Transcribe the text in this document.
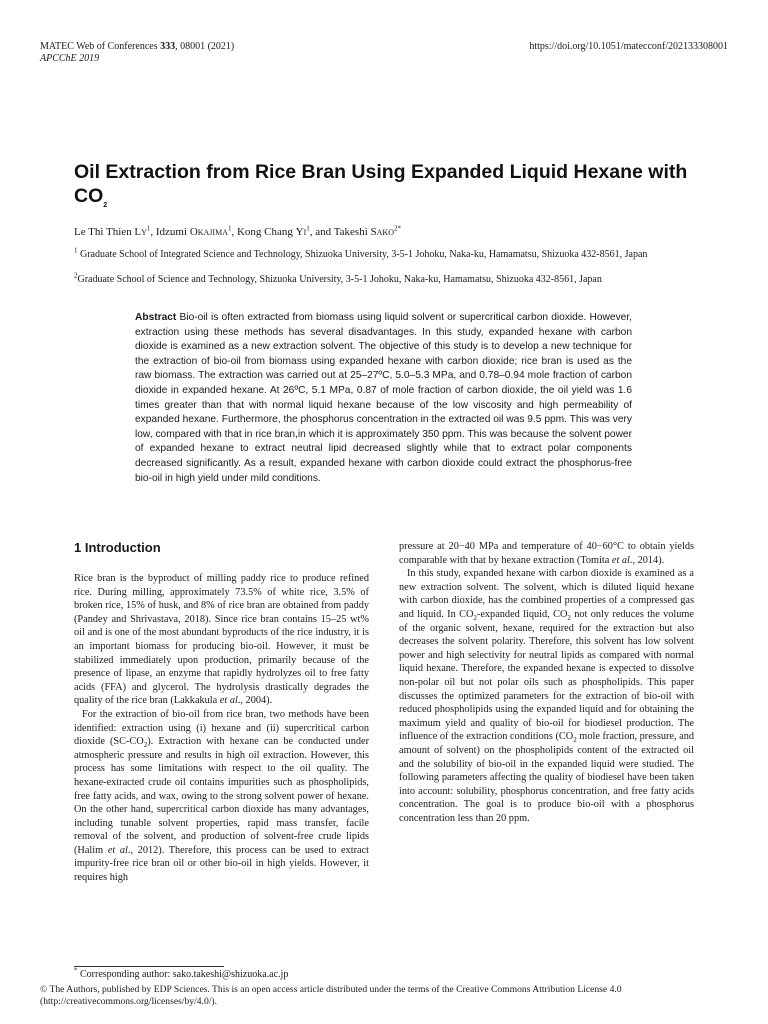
MATEC Web of Conferences 333, 08001 (2021)
APCChE 2019
https://doi.org/10.1051/matecconf/202133308001
Oil Extraction from Rice Bran Using Expanded Liquid Hexane with $CO_2$
Le Thi Thien Ly$^1$, Idzumi Okajima$^1$, Kong Chang Yi$^1$, and Takeshi Sako$^{2*}$
$^1$ Graduate School of Integrated Science and Technology, Shizuoka University, 3-5-1 Johoku, Naka-ku, Hamamatsu, Shizuoka 432-8561, Japan
$^2$Graduate School of Science and Technology, Shizuoka University, 3-5-1 Johoku, Naka-ku, Hamamatsu, Shizuoka 432-8561, Japan

Abstract Bio-oil is often extracted from biomass using liquid solvent or supercritical carbon dioxide. However, extraction using these methods has several disadvantages. In this study, expanded hexane with carbon dioxide is examined as a new extraction solvent. The objective of this study is to develop a new technique for the extraction of bio-oil from biomass using expanded hexane with carbon dioxide; rice bran is used as the raw biomass. The extraction was carried out at 25–27ºC, 5.0–5.3 MPa, and 0.78–0.94 mole fraction of carbon dioxide in expanded hexane. At 26ºC, 5.1 MPa, 0.87 of mole fraction of carbon dioxide, the oil yield was 1.6 times greater than that with normal liquid hexane because of the low viscosity and high permeability of expanded hexane. Furthermore, the phosphorus concentration in the extracted oil was 9.5 ppm. This was very low, compared with that in rice bran,in which it is approximately 350 ppm. This was because the solvent power of expanded hexane to extract neutral lipid decreased slightly while that to extract polar components decreased significantly. As a result, expanded hexane with carbon dioxide could extract the phosphorus-free bio-oil in high yield under mild conditions.

1 Introduction

Rice bran is the byproduct of milling paddy rice to produce refined rice. During milling, approximately 73.5% of white rice, 3.5% of broken rice, 15% of husk, and 8% of rice bran are obtained from paddy (Pandey and Shrivastava, 2018). Since rice bran contains 15–25 wt% oil and is one of the most abundant byproducts of the rice industry, it is an important biomass for producing bio-oil. However, it must be stabilized immediately upon production, primarily because of the presence of lipase, an enzyme that rapidly hydrolyzes oil to free fatty acids (FFA) and glycerol. The hydrolysis drastically degrades the quality of the rice bran (Lakkakula et al., 2004).

For the extraction of bio-oil from rice bran, two methods have been identified: extraction using (i) hexane and (ii) supercritical carbon dioxide $(SC-CO_2)$. Extraction with hexane can be conducted under atmospheric pressure and results in high oil extraction. However, this process has some limitations with respect to the oil quality. The hexane-extracted crude oil contains impurities such as phospholipids, free fatty acids, and wax, owing to the strong solvent power of hexane. On the other hand, supercritical carbon dioxide has many advantages, including tunable solvent properties, rapid mass transfer, facile removal of the solvent, and production of solvent-free crude lipids (Halim et al., 2012). Therefore, this process can be used to extract impurity-free rice bran oil or other bio-oil in high yields. However, it requires high

pressure at 20−40 MPa and temperature of 40−60°C to obtain yields comparable with that by hexane extraction (Tomita et al., 2014).

In this study, expanded hexane with carbon dioxide is examined as a new extraction solvent. The solvent, which is diluted liquid hexane with carbon dioxide, has the combined properties of a compressed gas and liquid. In $CO_2$-expanded liquid, $CO_2$ not only reduces the volume of the organic solvent, hexane, required for the extraction but also decreases the solvent polarity. Therefore, this solvent has low solvent power and high selectivity for neutral lipids as compared with normal liquid hexane. Therefore, the expanded hexane is expected to dissolve non-polar oil but not polar oils such as phospholipids. This paper discusses the optimized parameters for the extraction of bio-oil with reduced phospholipids using the expanded liquid and for obtaining the maximum yield and quality of bio-oil for biodiesel production. The influence of the extraction conditions ($CO_2$ mole fraction, pressure, and amount of solvent) on the phospholipids content of the extracted oil and the solubility of bio-oil in the expanded liquid were studied. The following parameters affecting the quality of biodiesel have been taken into account: solubility, phosphorus concentration, and free fatty acids concentration. The goal is to produce bio-oil with a phosphorus concentration less than 20 ppm.

* Corresponding author: sako.takeshi@shizuoka.ac.jp
© The Authors, published by EDP Sciences. This is an open access article distributed under the terms of the Creative Commons Attribution License 4.0 (http://creativecommons.org/licenses/by/4.0/).
